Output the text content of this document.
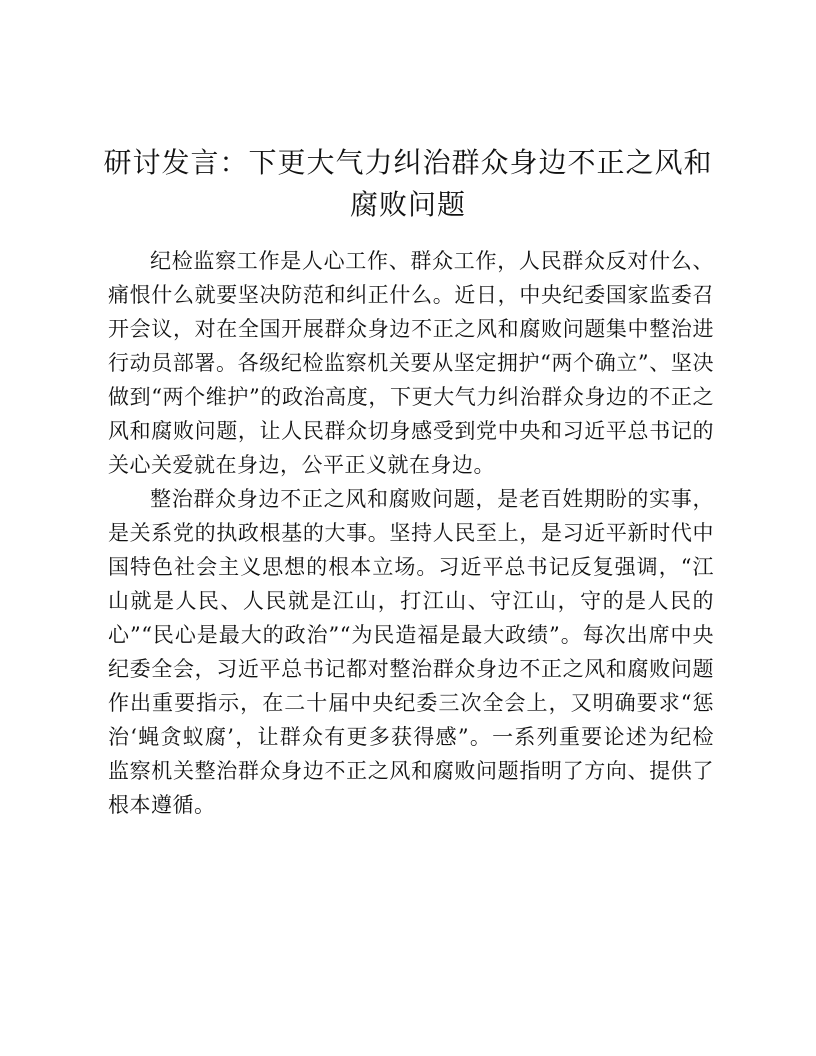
研讨发言：下更大气力纠治群众身边不正之风和腐败问题

纪检监察工作是人心工作、群众工作，人民群众反对什么、痛恨什么就要坚决防范和纠正什么。近日，中央纪委国家监委召开会议，对在全国开展群众身边不正之风和腐败问题集中整治进行动员部署。各级纪检监察机关要从坚定拥护“两个确立”、坚决做到“两个维护”的政治高度，下更大气力纠治群众身边的不正之风和腐败问题，让人民群众切身感受到党中央和习近平总书记的关心关爱就在身边，公平正义就在身边。

整治群众身边不正之风和腐败问题，是老百姓期盼的实事，是关系党的执政根基的大事。坚持人民至上，是习近平新时代中国特色社会主义思想的根本立场。习近平总书记反复强调，“江山就是人民、人民就是江山，打江山、守江山，守的是人民的心”“民心是最大的政治”“为民造福是最大政绩”。每次出席中央纪委全会，习近平总书记都对整治群众身边不正之风和腐败问题作出重要指示，在二十届中央纪委三次全会上，又明确要求“惩治‘蝇贪蚁腐’，让群众有更多获得感”。一系列重要论述为纪检监察机关整治群众身边不正之风和腐败问题指明了方向、提供了根本遵循。
